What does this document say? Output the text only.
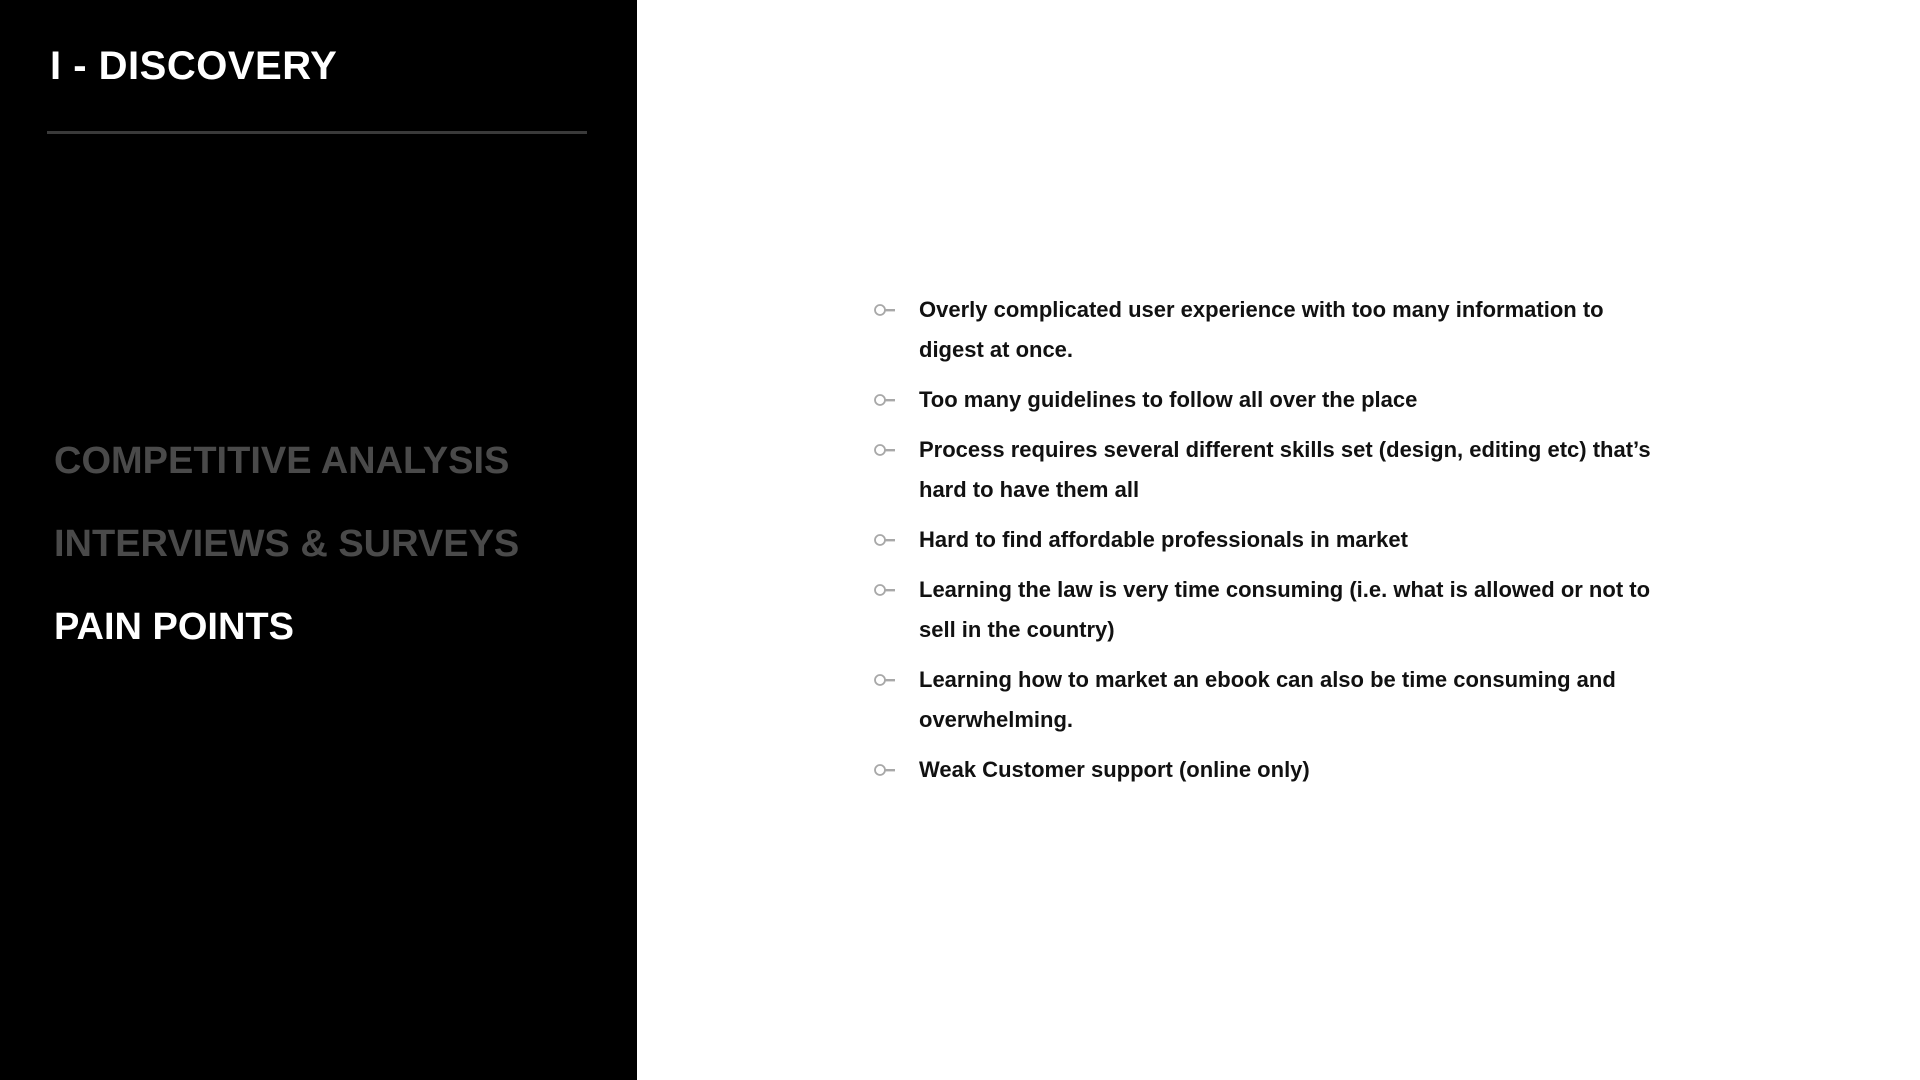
I - DISCOVERY
COMPETITIVE ANALYSIS
INTERVIEWS & SURVEYS
PAIN POINTS
Overly complicated user experience with too many information to digest at once.
Too many guidelines to follow all over the place
Process requires several different skills set (design, editing etc) that’s hard to have them all
Hard to find affordable professionals in market
Learning the law is very time consuming (i.e. what is allowed or not to sell in the country)
Learning how to market an ebook can also be time consuming and overwhelming.
Weak Customer support (online only)
